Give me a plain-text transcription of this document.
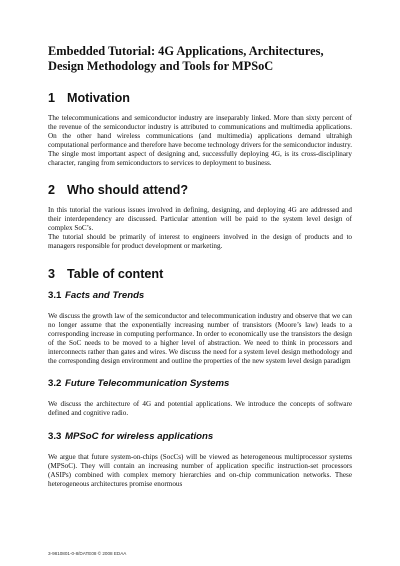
Embedded Tutorial: 4G Applications, Architectures, Design Methodology and Tools for MPSoC
1 Motivation

The telecommunications and semiconductor industry are inseparably linked. More than sixty percent of the revenue of the semiconductor industry is attributed to communications and multimedia applications. On the other hand wireless communications (and multimedia) applications demand ultrahigh computational performance and therefore have become technology drivers for the semiconductor industry. The single most important aspect of designing and, successfully deploying 4G, is its cross-disciplinary character, ranging from semiconductors to services to deployment to business.

2 Who should attend?

In this tutorial the various issues involved in defining, designing, and deploying 4G are addressed and their interdependency are discussed. Particular attention will be paid to the system level design of complex SoC’s.

The tutorial should be primarily of interest to engineers involved in the design of products and to managers responsible for product development or marketing.

3 Table of content
3.1 Facts and Trends

We discuss the growth law of the semiconductor and telecommunication industry and observe that we can no longer assume that the exponentially increasing number of transistors (Moore’s law) leads to a corresponding increase in computing performance. In order to economically use the transistors the design of the SoC needs to be moved to a higher level of abstraction. We need to think in processors and interconnects rather than gates and wires. We discuss the need for a system level design methodology and the corresponding design environment and outline the properties of the new system level design paradigm

3.2 Future Telecommunication Systems

We discuss the architecture of 4G and potential applications. We introduce the concepts of software defined and cognitive radio.

3.3 MPSoC for wireless applications

We argue that future system-on-chips (SocCs) will be viewed as heterogeneous multiprocessor systems (MPSoC). They will contain an increasing number of application specific instruction-set processors (ASIPs) combined with complex memory hierarchies and on-chip communication networks. These heterogeneous architectures promise enormous

3-9810801-0-8/DATE08 © 2008 EDAA
